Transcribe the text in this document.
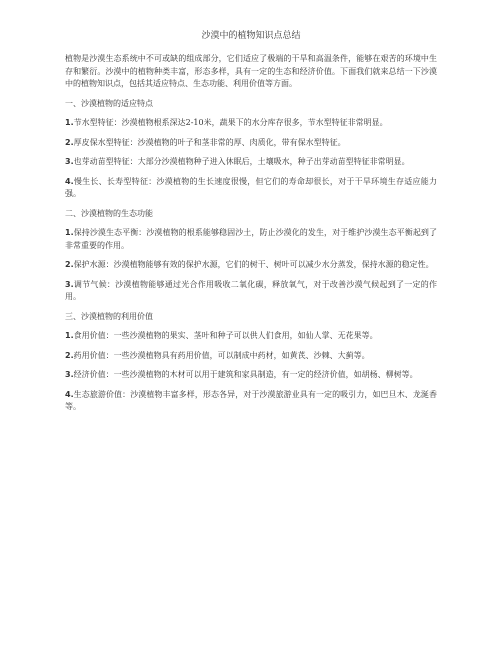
沙漠中的植物知识点总结

植物是沙漠生态系统中不可或缺的组成部分，它们适应了极端的干旱和高温条件，能够在艰苦的环境中生存和繁衍。沙漠中的植物种类丰富，形态多样，具有一定的生态和经济价值。下面我们就来总结一下沙漠中的植物知识点，包括其适应特点、生态功能、利用价值等方面。

一、沙漠植物的适应特点

1.节水型特征：沙漠植物根系深达2-10米，蔬果下的水分库存很多，节水型特征非常明显。

2.厚皮保水型特征：沙漠植物的叶子和茎非常的厚、肉质化，带有保水型特征。

3.也芽动苗型特征：大部分沙漠植物种子进入休眠后，土壤吸水，种子出芽动苗型特征非常明显。

4.慢生长、长寿型特征：沙漠植物的生长速度很慢，但它们的寿命却很长，对于干旱环境生存适应能力强。

二、沙漠植物的生态功能

1.保持沙漠生态平衡：沙漠植物的根系能够稳固沙土，防止沙漠化的发生，对于维护沙漠生态平衡起到了非常重要的作用。

2.保护水源：沙漠植物能够有效的保护水源，它们的树干、树叶可以减少水分蒸发，保持水源的稳定性。

3.调节气候：沙漠植物能够通过光合作用吸收二氧化碳，释放氧气，对于改善沙漠气候起到了一定的作用。

三、沙漠植物的利用价值

1.食用价值：一些沙漠植物的果实、茎叶和种子可以供人们食用，如仙人掌、无花果等。

2.药用价值：一些沙漠植物具有药用价值，可以制成中药材，如黄芪、沙棘、大蓟等。

3.经济价值：一些沙漠植物的木材可以用于建筑和家具制造，有一定的经济价值，如胡杨、柳树等。

4.生态旅游价值：沙漠植物丰富多样，形态各异，对于沙漠旅游业具有一定的吸引力，如巴旦木、龙涎香等。
